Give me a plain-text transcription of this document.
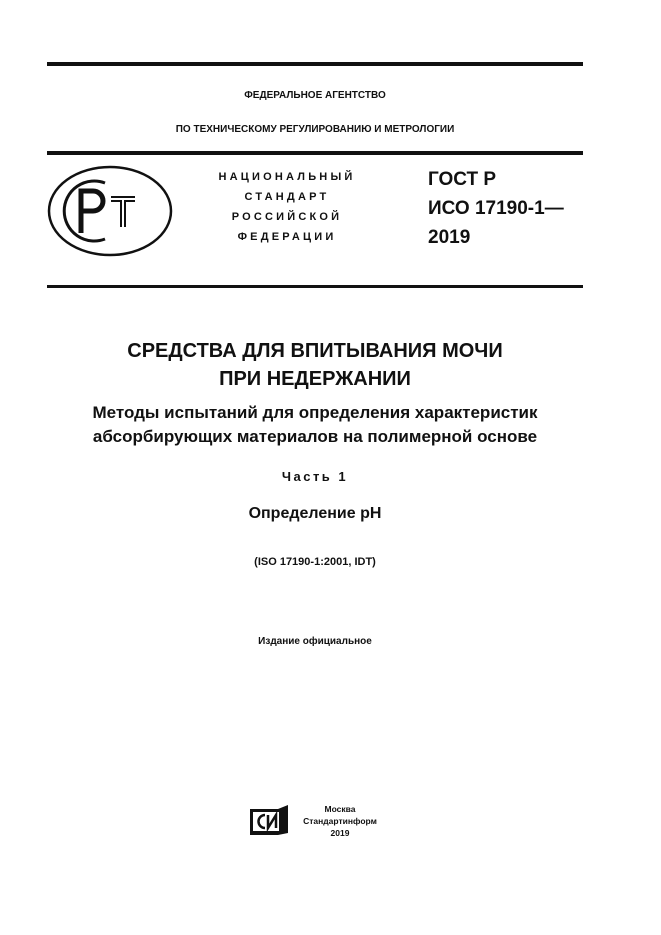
ФЕДЕРАЛЬНОЕ АГЕНТСТВО
ПО ТЕХНИЧЕСКОМУ РЕГУЛИРОВАНИЮ И МЕТРОЛОГИИ
НАЦИОНАЛЬНЫЙ
СТАНДАРТ
РОССИЙСКОЙ
ФЕДЕРАЦИИ
ГОСТ Р
ИСО 17190-1—
2019
СРЕДСТВА ДЛЯ ВПИТЫВАНИЯ МОЧИ
ПРИ НЕДЕРЖАНИИ
Методы испытаний для определения характеристик
абсорбирующих материалов на полимерной основе
Часть 1
Определение pH
(ISO 17190-1:2001, IDT)
Издание официальное
Москва
Стандартинформ
2019
